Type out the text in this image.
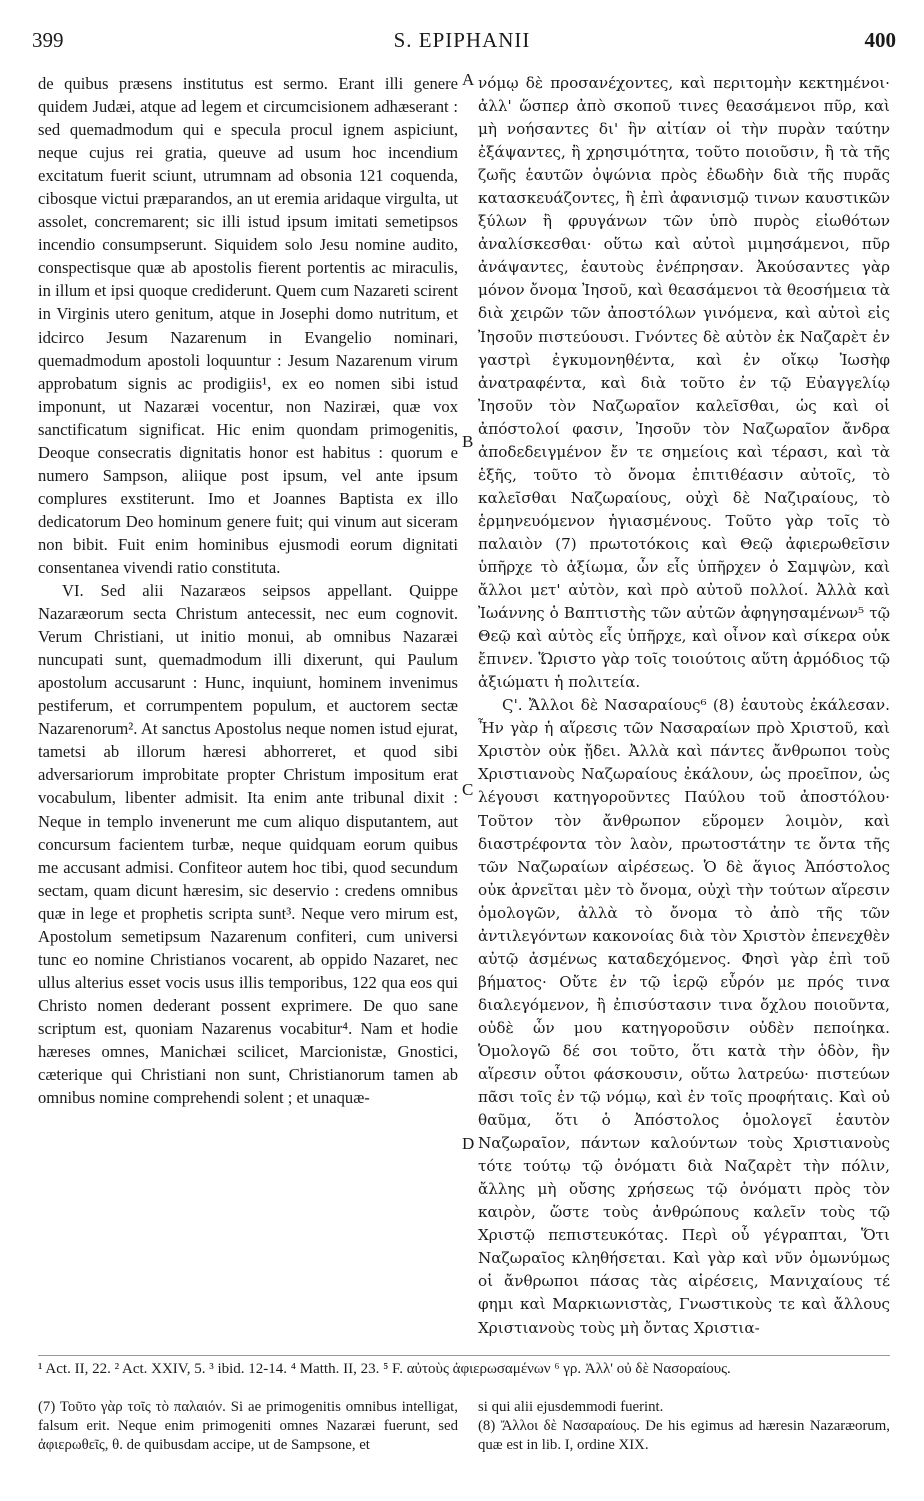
399	S. EPIPHANII	400

de quibus præsens institutus est sermo. Erant illi genere quidem Judæi, atque ad legem et circumcisionem adhæserant : sed quemadmodum qui e specula procul ignem aspiciunt, neque cujus rei gratia, queuve ad usum hoc incendium excitatum fuerit sciunt, utrumnam ad obsonia 121 coquenda, cibosque victui præparandos, an ut eremia aridaque virgulta, ut assolet, concremarent; sic illi istud ipsum imitati semetipsos incendio consumpserunt. Siquidem solo Jesu nomine audito, conspectisque quæ ab apostolis fierent portentis ac miraculis, in illum et ipsi quoque crediderunt. Quem cum Nazareti scirent in Virginis utero genitum, atque in Josephi domo nutritum, et idcirco Jesum Nazarenum in Evangelio nominari, quemadmodum apostoli loquuntur : Jesum Nazarenum virum approbatum signis ac prodigiis¹, ex eo nomen sibi istud imponunt, ut Nazaræi vocentur, non Naziræi, quæ vox sanctificatum significat. Hic enim quondam primogenitis, Deoque consecratis dignitatis honor est habitus : quorum e numero Sampson, aliique post ipsum, vel ante ipsum complures exstiterunt. Imo et Joannes Baptista ex illo dedicatorum Deo hominum genere fuit; qui vinum aut siceram non bibit. Fuit enim hominibus ejusmodi eorum dignitati consentanea vivendi ratio constituta.

VI. Sed alii Nazaræos seipsos appellant. Quippe Nazaræorum secta Christum antecessit, nec eum cognovit. Verum Christiani, ut initio monui, ab omnibus Nazaræi nuncupati sunt, quemadmodum illi dixerunt, qui Paulum apostolum accusarunt : Hunc, inquiunt, hominem invenimus pestiferum, et corrumpentem populum, et auctorem sectæ Nazarenorum². At sanctus Apostolus neque nomen istud ejurat, tametsi ab illorum hæresi abhorreret, et quod sibi adversariorum improbitate propter Christum impositum erat vocabulum, libenter admisit. Ita enim ante tribunal dixit : Neque in templo invenerunt me cum aliquo disputantem, aut concursum facientem turbæ, neque quidquam eorum quibus me accusant admisi. Confiteor autem hoc tibi, quod secundum sectam, quam dicunt hæresim, sic deservio : credens omnibus quæ in lege et prophetis scripta sunt³. Neque vero mirum est, Apostolum semetipsum Nazarenum confiteri, cum universi tunc eo nomine Christianos vocarent, ab oppido Nazaret, nec ullus alterius esset vocis usus illis temporibus, 122 qua eos qui Christo nomen dederant possent exprimere. De quo sane scriptum est, quoniam Nazarenus vocabitur⁴. Nam et hodie hæreses omnes, Manichæi scilicet, Marcionistæ, Gnostici, cæterique qui Christiani non sunt, Christianorum tamen ab omnibus nomine comprehendi solent ; et unaquæ-

A
B
C
D

νόμῳ δὲ προσανέχοντες, καὶ περιτομὴν κεκτημένοι· ἀλλ' ὥσπερ ἀπὸ σκοποῦ τινες θεασάμενοι πῦρ, καὶ μὴ νοήσαντες δι' ἣν αἰτίαν οἱ τὴν πυρὰν ταύτην ἐξάψαντες, ἢ χρησιμότητα, τοῦτο ποιοῦσιν, ἢ τὰ τῆς ζωῆς ἑαυτῶν ὀψώνια πρὸς ἐδωδὴν διὰ τῆς πυρᾶς κατασκευάζοντες, ἢ ἐπὶ ἀφανισμῷ τινων καυστικῶν ξύλων ἢ φρυγάνων τῶν ὑπὸ πυρὸς εἰωθότων ἀναλίσκεσθαι· οὕτω καὶ αὐτοὶ μιμησάμενοι, πῦρ ἀνάψαντες, ἑαυτοὺς ἐνέπρησαν. Ἀκούσαντες γὰρ μόνον ὄνομα Ἰησοῦ, καὶ θεασάμενοι τὰ θεοσήμεια τὰ διὰ χειρῶν τῶν ἀποστόλων γινόμενα, καὶ αὐτοὶ εἰς Ἰησοῦν πιστεύουσι. Γνόντες δὲ αὐτὸν ἐκ Ναζαρὲτ ἐν γαστρὶ ἐγκυμονηθέντα, καὶ ἐν οἴκῳ Ἰωσὴφ ἀνατραφέντα, καὶ διὰ τοῦτο ἐν τῷ Εὐαγγελίῳ Ἰησοῦν τὸν Ναζωραῖον καλεῖσθαι, ὡς καὶ οἱ ἀπόστολοί φασιν, Ἰησοῦν τὸν Ναζωραῖον ἄνδρα ἀποδεδειγμένον ἔν τε σημείοις καὶ τέρασι, καὶ τὰ ἑξῆς, τοῦτο τὸ ὄνομα ἐπιτιθέασιν αὐτοῖς, τὸ καλεῖσθαι Ναζωραίους, οὐχὶ δὲ Ναζιραίους, τὸ ἑρμηνευόμενον ἡγιασμένους. Τοῦτο γὰρ τοῖς τὸ παλαιὸν (7) πρωτοτόκοις καὶ Θεῷ ἀφιερωθεῖσιν ὑπῆρχε τὸ ἀξίωμα, ὧν εἷς ὑπῆρχεν ὁ Σαμψὼν, καὶ ἄλλοι μετ' αὐτὸν, καὶ πρὸ αὐτοῦ πολλοί. Ἀλλὰ καὶ Ἰωάννης ὁ Βαπτιστὴς τῶν αὐτῶν ἀφηγησαμένων⁵ τῷ Θεῷ καὶ αὐτὸς εἷς ὑπῆρχε, καὶ οἶνον καὶ σίκερα οὐκ ἔπινεν. Ὥριστο γὰρ τοῖς τοιούτοις αὕτη ἁρμόδιος τῷ ἀξιώματι ἡ πολιτεία.

Ϛ'. Ἄλλοι δὲ Νασαραίους⁶ (8) ἑαυτοὺς ἐκάλεσαν. Ἦν γὰρ ἡ αἵρεσις τῶν Νασαραίων πρὸ Χριστοῦ, καὶ Χριστὸν οὐκ ᾔδει. Ἀλλὰ καὶ πάντες ἄνθρωποι τοὺς Χριστιανοὺς Ναζωραίους ἐκάλουν, ὡς προεῖπον, ὡς λέγουσι κατηγοροῦντες Παύλου τοῦ ἀποστόλου· Τοῦτον τὸν ἄνθρωπον εὕρομεν λοιμὸν, καὶ διαστρέφοντα τὸν λαὸν, πρωτοστάτην τε ὄντα τῆς τῶν Ναζωραίων αἱρέσεως. Ὁ δὲ ἅγιος Ἀπόστολος οὐκ ἀρνεῖται μὲν τὸ ὄνομα, οὐχὶ τὴν τούτων αἵρεσιν ὁμολογῶν, ἀλλὰ τὸ ὄνομα τὸ ἀπὸ τῆς τῶν ἀντιλεγόντων κακονοίας διὰ τὸν Χριστὸν ἐπενεχθὲν αὐτῷ ἀσμένως καταδεχόμενος. Φησὶ γὰρ ἐπὶ τοῦ βήματος· Οὔτε ἐν τῷ ἱερῷ εὗρόν με πρός τινα διαλεγόμενον, ἢ ἐπισύστασιν τινα ὄχλου ποιοῦντα, οὐδὲ ὧν μου κατηγοροῦσιν οὐδὲν πεποίηκα. Ὁμολογῶ δέ σοι τοῦτο, ὅτι κατὰ τὴν ὁδὸν, ἣν αἵρεσιν οὗτοι φάσκουσιν, οὕτω λατρεύω· πιστεύων πᾶσι τοῖς ἐν τῷ νόμῳ, καὶ ἐν τοῖς προφήταις. Καὶ οὐ θαῦμα, ὅτι ὁ Ἀπόστολος ὁμολογεῖ ἑαυτὸν Ναζωραῖον, πάντων καλούντων τοὺς Χριστιανοὺς τότε τούτῳ τῷ ὀνόματι διὰ Ναζαρὲτ τὴν πόλιν, ἄλλης μὴ οὔσης χρήσεως τῷ ὀνόματι πρὸς τὸν καιρὸν, ὥστε τοὺς ἀνθρώπους καλεῖν τοὺς τῷ Χριστῷ πεπιστευκότας. Περὶ οὗ γέγραπται, Ὅτι Ναζωραῖος κληθήσεται. Καὶ γὰρ καὶ νῦν ὁμωνύμως οἱ ἄνθρωποι πάσας τὰς αἱρέσεις, Μανιχαίους τέ φημι καὶ Μαρκιωνιστὰς, Γνωστικοὺς τε καὶ ἄλλους Χριστιανοὺς τοὺς μὴ ὄντας Χριστια-

¹ Act. II, 22. ² Act. XXIV, 5. ³ ibid. 12-14. ⁴ Matth. II, 23. ⁵ F. αὐτοὺς ἀφιερωσαμένων ⁶ γρ. Ἀλλ' οὐ δὲ Νασοραίους.
(7) Τοῦτο γὰρ τοῖς τὸ παλαιόν. Si ae primogenitis omnibus intelligat, falsum erit. Neque enim primogeniti omnes Nazaræi fuerunt, sed ἀφιερωθεῖς, θ. de quibusdam accipe, ut de Sampsone, et
si qui alii ejusdemmodi fuerint.
(8) Ἄλλοι δὲ Νασαραίους. De his egimus ad hæresin Nazaræorum, quæ est in lib. I, ordine XIX.
